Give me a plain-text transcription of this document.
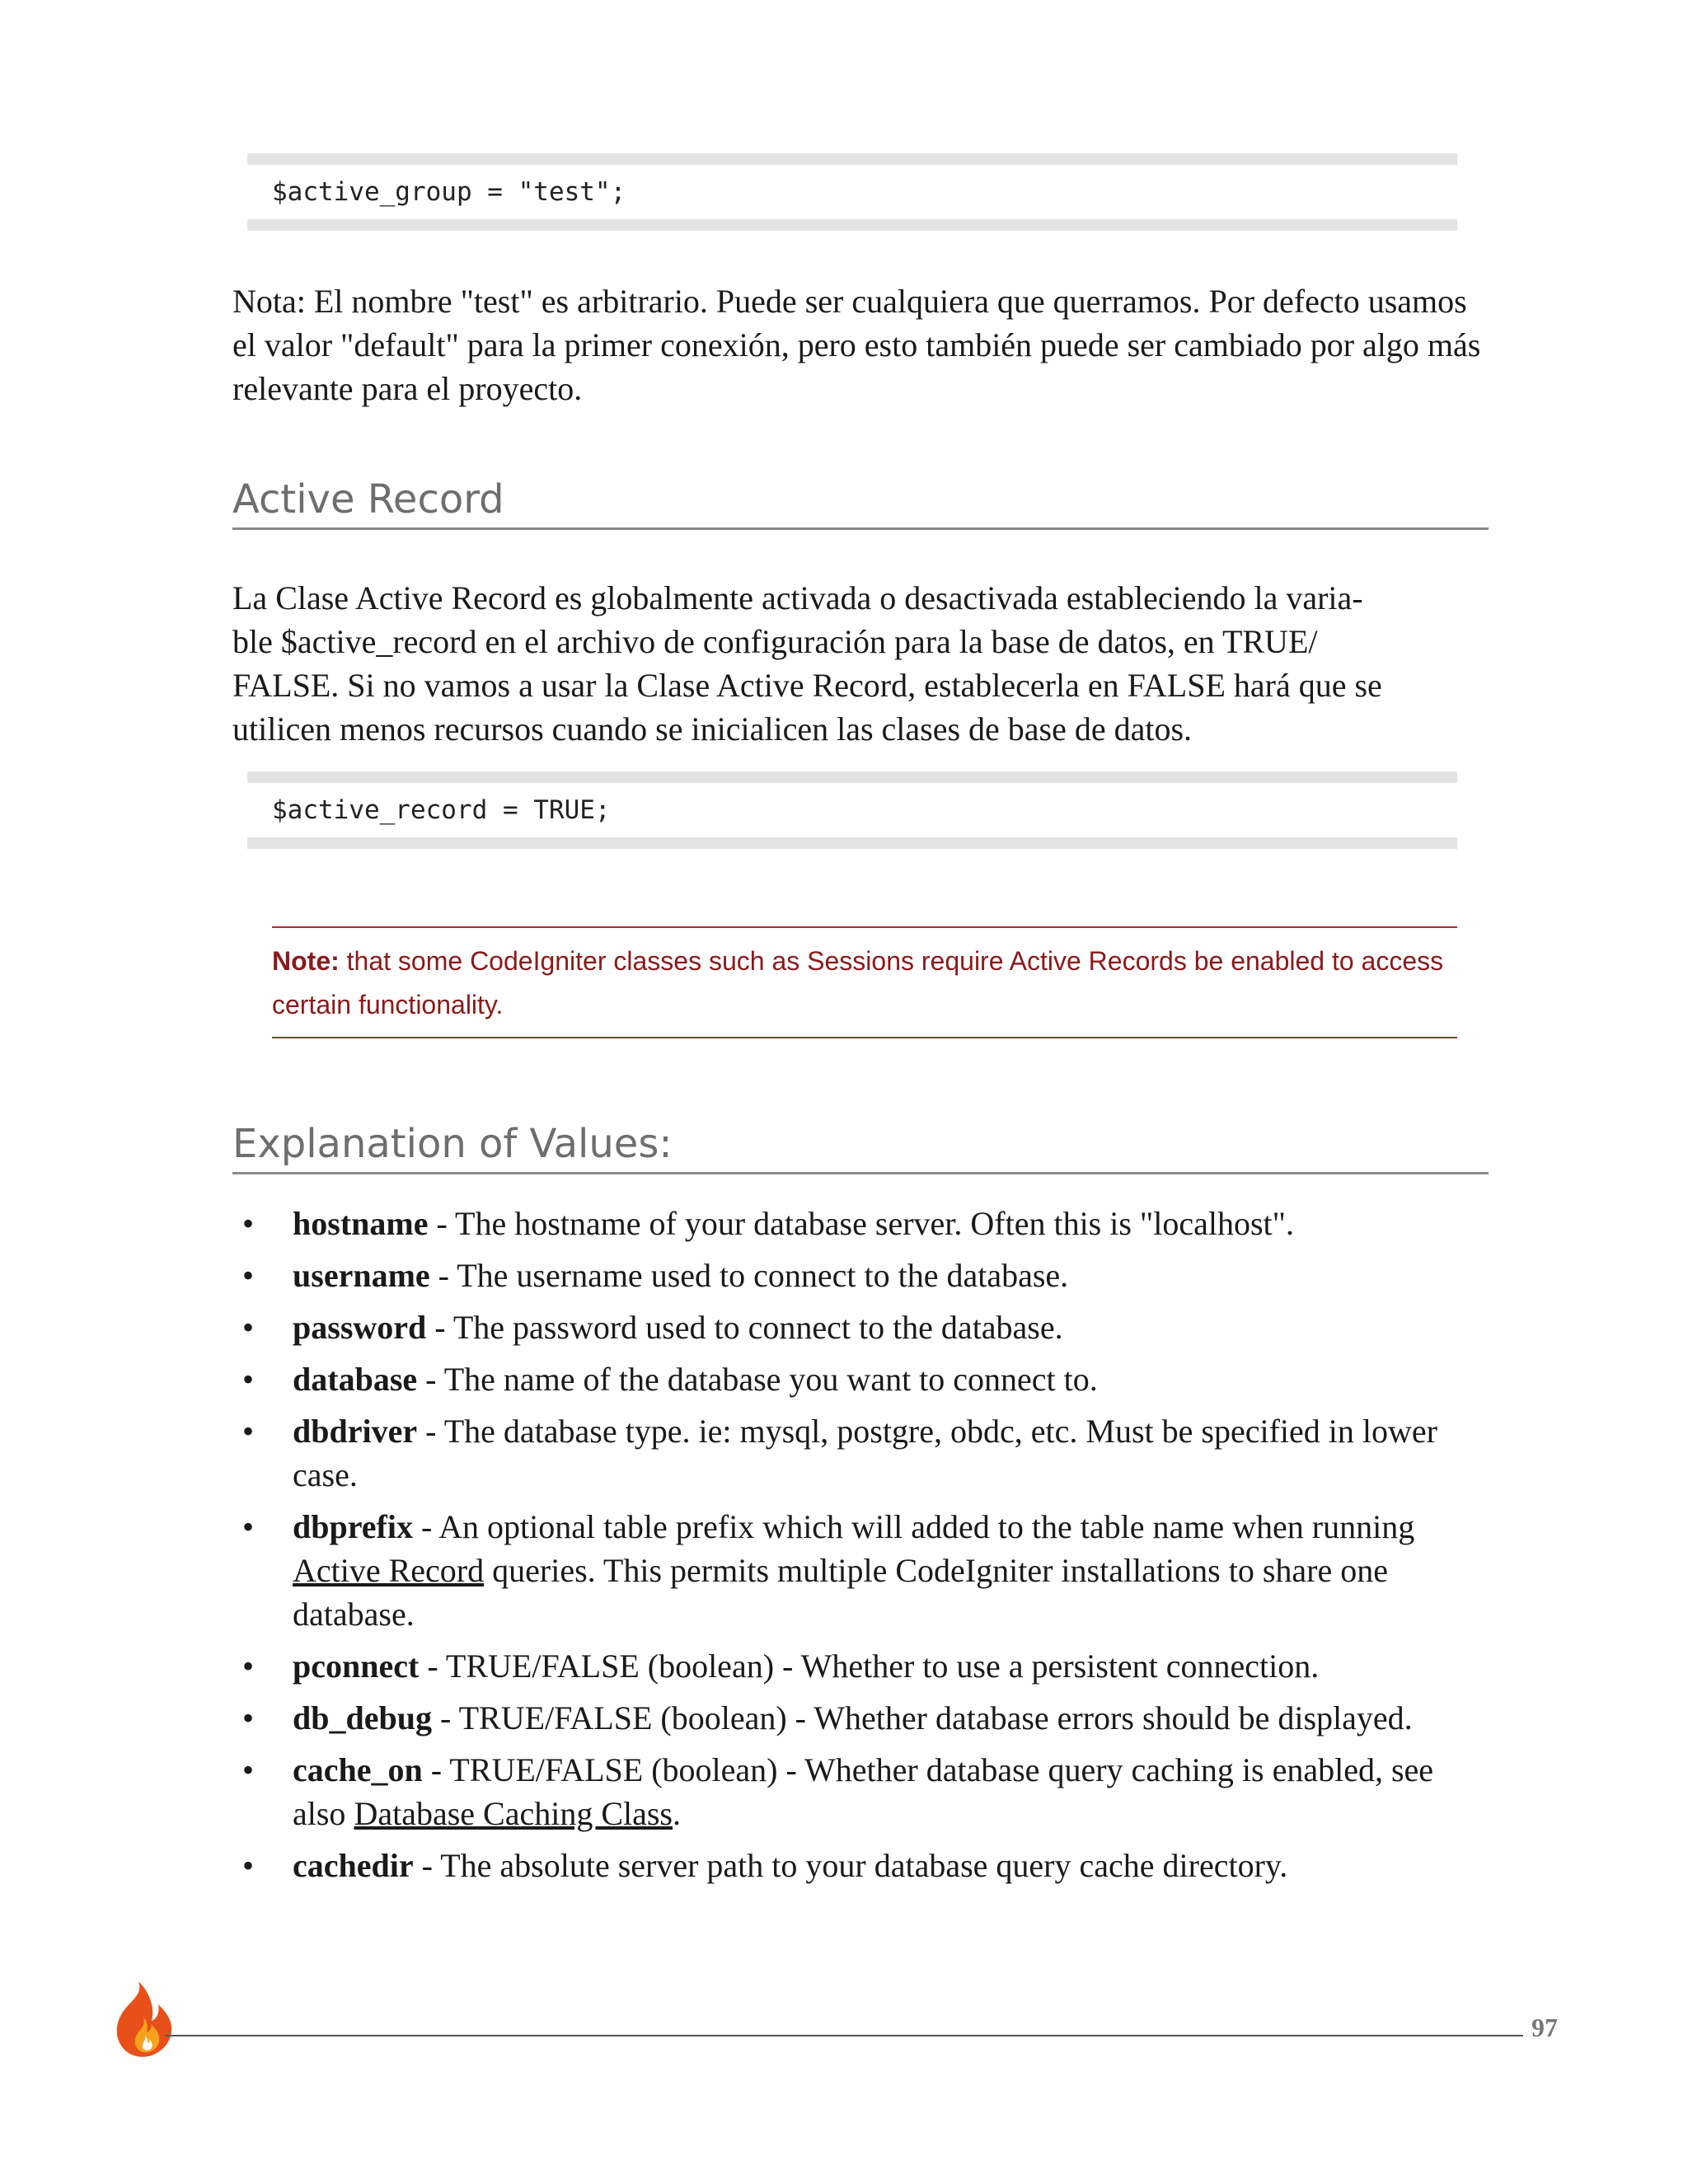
$active_group = "test";

Nota: El nombre "test" es arbitrario. Puede ser cualquiera que querramos. Por defecto usamos el valor "default" para la primer conexión, pero esto también puede ser cambiado por algo más relevante para el proyecto.

Active Record
La Clase Active Record es globalmente activada o desactivada estableciendo la varia-
ble $active_record en el archivo de configuración para la base de datos, en TRUE/
FALSE. Si no vamos a usar la Clase Active Record, establecerla en FALSE hará que se
utilicen menos recursos cuando se inicialicen las clases de base de datos.
$active_record = TRUE;
Note: that some CodeIgniter classes such as Sessions require Active Records be enabled to access certain functionality.
Explanation of Values:
• hostname - The hostname of your database server. Often this is "localhost".
• username - The username used to connect to the database.
• password - The password used to connect to the database.
• database - The name of the database you want to connect to.
• dbdriver - The database type. ie: mysql, postgre, obdc, etc. Must be specified in lower case.
• dbprefix - An optional table prefix which will added to the table name when running Active Record queries. This permits multiple CodeIgniter installations to share one database.
• pconnect - TRUE/FALSE (boolean) - Whether to use a persistent connection.
• db_debug - TRUE/FALSE (boolean) - Whether database errors should be displayed.
• cache_on - TRUE/FALSE (boolean) - Whether database query caching is enabled, see also Database Caching Class.
• cachedir - The absolute server path to your database query cache directory.
97
